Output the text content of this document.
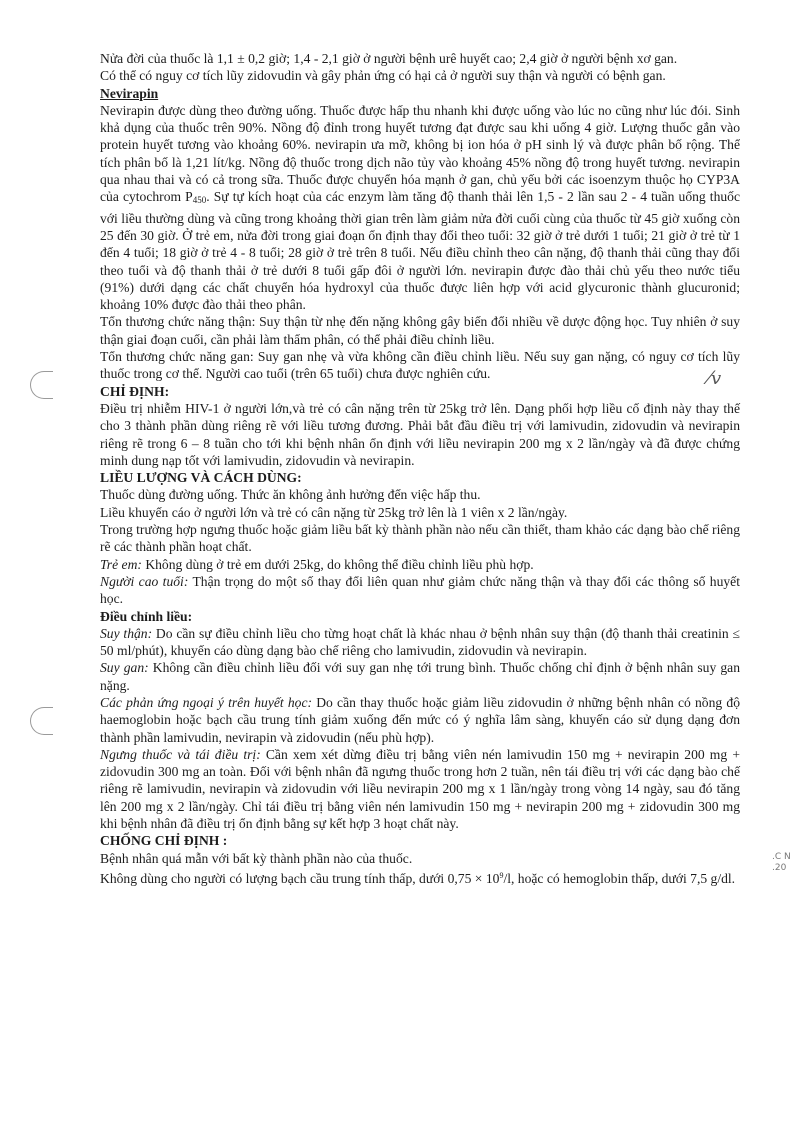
⁄v
.C N .20

Nửa đời của thuốc là 1,1 ± 0,2 giờ; 1,4 - 2,1 giờ ở người bệnh urê huyết cao; 2,4 giờ ở người bệnh xơ gan.

Có thể có nguy cơ tích lũy zidovudin và gây phản ứng có hại cả ở người suy thận và người có bệnh gan.

Nevirapin

Nevirapin được dùng theo đường uống. Thuốc được hấp thu nhanh khi được uống vào lúc no cũng như lúc đói. Sinh khả dụng của thuốc trên 90%. Nồng độ đỉnh trong huyết tương đạt được sau khi uống 4 giờ. Lượng thuốc gắn vào protein huyết tương vào khoảng 60%. nevirapin ưa mỡ, không bị ion hóa ở pH sinh lý và được phân bố rộng. Thể tích phân bố là 1,21 lít/kg. Nồng độ thuốc trong dịch não tủy vào khoảng 45% nồng độ trong huyết tương. nevirapin qua nhau thai và có cả trong sữa. Thuốc được chuyển hóa mạnh ở gan, chủ yếu bởi các isoenzym thuộc họ CYP3A của cytochrom $P_{450}$. Sự tự kích hoạt của các enzym làm tăng độ thanh thải lên 1,5 - 2 lần sau 2 - 4 tuần uống thuốc với liều thường dùng và cũng trong khoảng thời gian trên làm giảm nửa đời cuối cùng của thuốc từ 45 giờ xuống còn 25 đến 30 giờ. Ở trẻ em, nửa đời trong giai đoạn ổn định thay đổi theo tuổi: 32 giờ ở trẻ dưới 1 tuổi; 21 giờ ở trẻ từ 1 đến 4 tuổi; 18 giờ ở trẻ 4 - 8 tuổi; 28 giờ ở trẻ trên 8 tuổi. Nếu điều chỉnh theo cân nặng, độ thanh thải cũng thay đổi theo tuổi và độ thanh thải ở trẻ dưới 8 tuổi gấp đôi ở người lớn. nevirapin được đào thải chủ yếu theo nước tiểu (91%) dưới dạng các chất chuyển hóa hydroxyl của thuốc được liên hợp với acid glycuronic thành glucuronid; khoảng 10% được đào thải theo phân.

Tổn thương chức năng thận: Suy thận từ nhẹ đến nặng không gây biến đổi nhiều về dược động học. Tuy nhiên ở suy thận giai đoạn cuối, cần phải làm thẩm phân, có thể phải điều chỉnh liều.

Tổn thương chức năng gan: Suy gan nhẹ và vừa không cần điều chỉnh liều. Nếu suy gan nặng, có nguy cơ tích lũy thuốc trong cơ thể. Người cao tuổi (trên 65 tuổi) chưa được nghiên cứu.

CHỈ ĐỊNH:

Điều trị nhiễm HIV-1 ở người lớn,và trẻ có cân nặng trên từ 25kg trở lên. Dạng phối hợp liều cố định này thay thế cho 3 thành phần dùng riêng rẽ với liều tương đương. Phải bắt đầu điều trị với lamivudin, zidovudin và nevirapin riêng rẽ trong 6 – 8 tuần cho tới khi bệnh nhân ổn định với liều nevirapin 200 mg x 2 lần/ngày và đã được chứng minh dung nạp tốt với lamivudin, zidovudin và nevirapin.

LIỀU LƯỢNG VÀ CÁCH DÙNG:

Thuốc dùng đường uống. Thức ăn không ảnh hưởng đến việc hấp thu.

Liều khuyến cáo ở người lớn và trẻ có cân nặng từ 25kg trở lên là 1 viên x 2 lần/ngày.

Trong trường hợp ngưng thuốc hoặc giảm liều bất kỳ thành phần nào nếu cần thiết, tham khảo các dạng bào chế riêng rẽ các thành phần hoạt chất.

Trẻ em: Không dùng ở trẻ em dưới 25kg, do không thể điều chỉnh liều phù hợp.

Người cao tuổi: Thận trọng do một số thay đổi liên quan như giảm chức năng thận và thay đổi các thông số huyết học.

Điều chỉnh liều:

Suy thận: Do cần sự điều chỉnh liều cho từng hoạt chất là khác nhau ở bệnh nhân suy thận (độ thanh thải creatinin ≤ 50 ml/phút), khuyến cáo dùng dạng bào chế riêng cho lamivudin, zidovudin và nevirapin.

Suy gan: Không cần điều chỉnh liều đối với suy gan nhẹ tới trung bình. Thuốc chống chỉ định ở bệnh nhân suy gan nặng.

Các phản ứng ngoại ý trên huyết học: Do cần thay thuốc hoặc giảm liều zidovudin ở những bệnh nhân có nồng độ haemoglobin hoặc bạch cầu trung tính giảm xuống đến mức có ý nghĩa lâm sàng, khuyến cáo sử dụng dạng đơn thành phần lamivudin, nevirapin và zidovudin (nếu phù hợp).

Ngưng thuốc và tái điều trị: Cần xem xét dừng điều trị bằng viên nén lamivudin 150 mg + nevirapin 200 mg + zidovudin 300 mg an toàn. Đối với bệnh nhân đã ngưng thuốc trong hơn 2 tuần, nên tái điều trị với các dạng bào chế riêng rẽ lamivudin, nevirapin và zidovudin với liều nevirapin 200 mg x 1 lần/ngày trong vòng 14 ngày, sau đó tăng lên 200 mg x 2 lần/ngày. Chỉ tái điều trị bằng viên nén lamivudin 150 mg + nevirapin 200 mg + zidovudin 300 mg khi bệnh nhân đã điều trị ổn định bằng sự kết hợp 3 hoạt chất này.

CHỐNG CHỈ ĐỊNH :

Bệnh nhân quá mẫn với bất kỳ thành phần nào của thuốc.

Không dùng cho người có lượng bạch cầu trung tính thấp, dưới $0,75 \times 10^9/l$, hoặc có hemoglobin thấp, dưới 7,5 g/dl.
